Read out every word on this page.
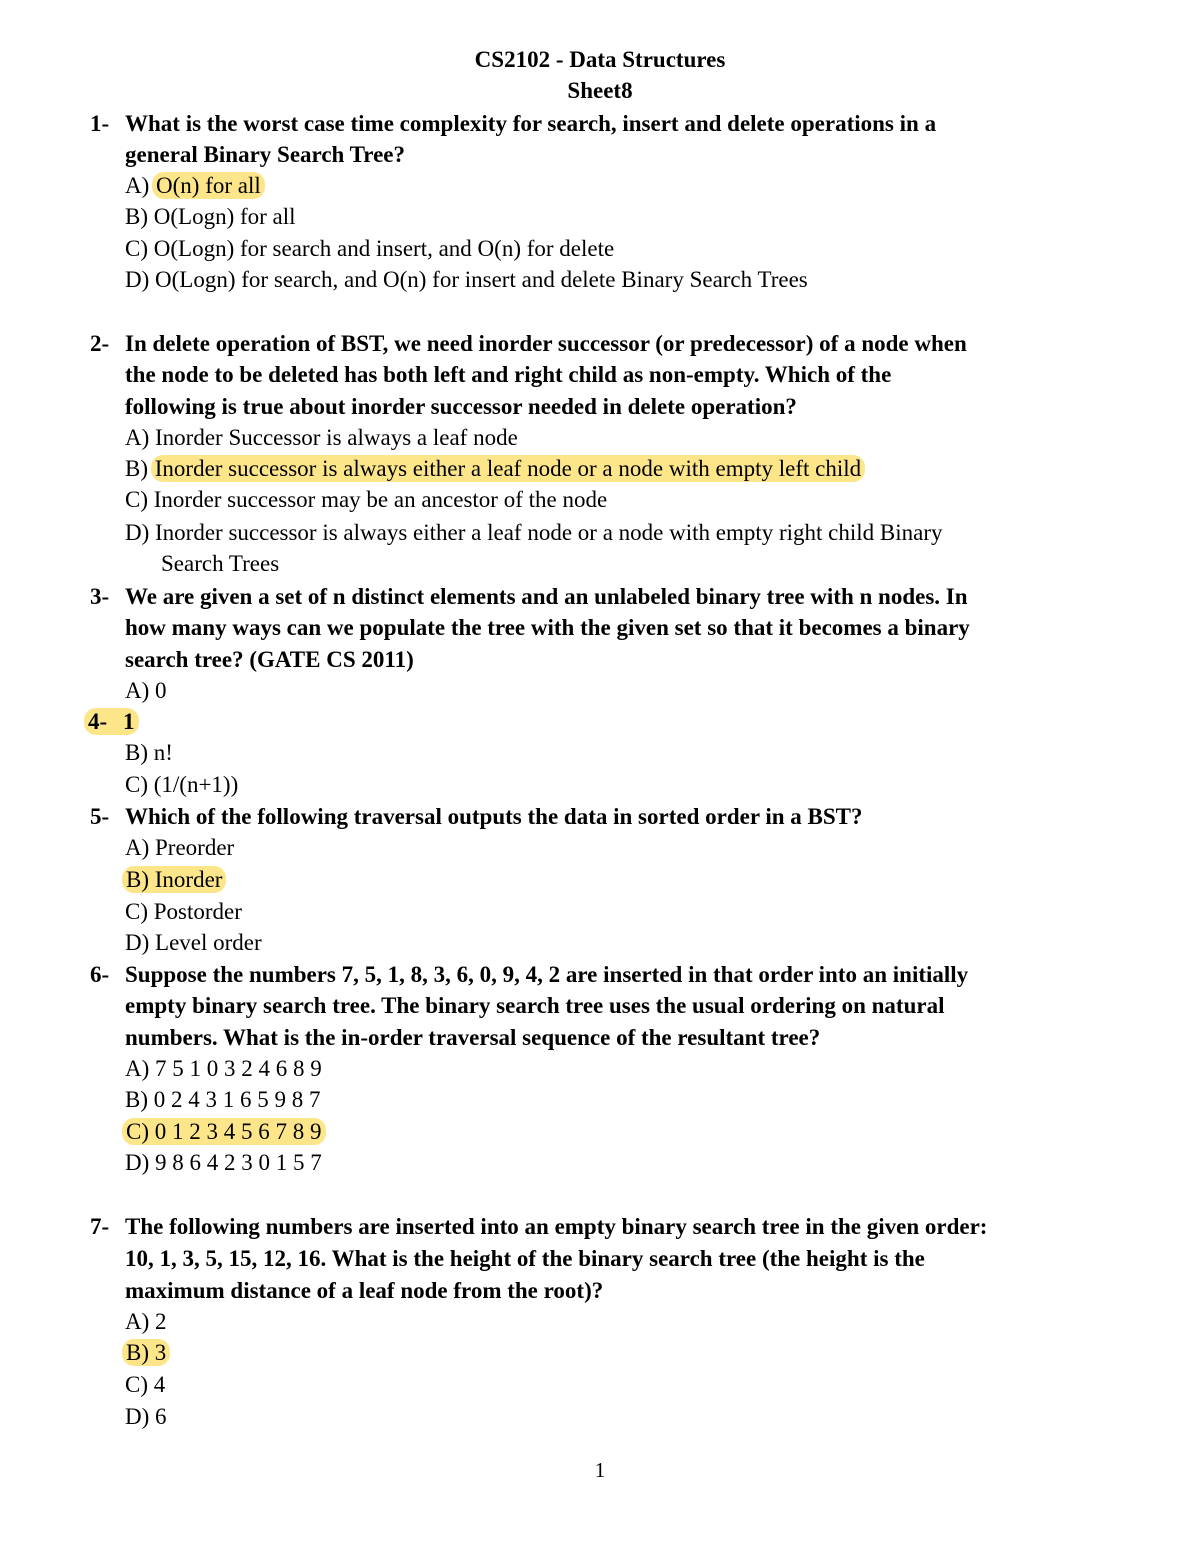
CS2102 - Data Structures
Sheet8
1- What is the worst case time complexity for search, insert and delete operations in a
general Binary Search Tree?
A) O(n) for all
B) O(Logn) for all
C) O(Logn) for search and insert, and O(n) for delete
D) O(Logn) for search, and O(n) for insert and delete Binary Search Trees
2- In delete operation of BST, we need inorder successor (or predecessor) of a node when
the node to be deleted has both left and right child as non-empty. Which of the
following is true about inorder successor needed in delete operation?
A) Inorder Successor is always a leaf node
B) Inorder successor is always either a leaf node or a node with empty left child
C) Inorder successor may be an ancestor of the node
D) Inorder successor is always either a leaf node or a node with empty right child Binary
Search Trees
3- We are given a set of n distinct elements and an unlabeled binary tree with n nodes. In
how many ways can we populate the tree with the given set so that it becomes a binary
search tree? (GATE CS 2011)
A) 0
4- 1
B) n!
C) (1/(n+1))
5- Which of the following traversal outputs the data in sorted order in a BST?
A) Preorder
B) Inorder
C) Postorder
D) Level order
6- Suppose the numbers 7, 5, 1, 8, 3, 6, 0, 9, 4, 2 are inserted in that order into an initially
empty binary search tree. The binary search tree uses the usual ordering on natural
numbers. What is the in-order traversal sequence of the resultant tree?
A) 7 5 1 0 3 2 4 6 8 9
B) 0 2 4 3 1 6 5 9 8 7
C) 0 1 2 3 4 5 6 7 8 9
D) 9 8 6 4 2 3 0 1 5 7
7- The following numbers are inserted into an empty binary search tree in the given order:
10, 1, 3, 5, 15, 12, 16. What is the height of the binary search tree (the height is the
maximum distance of a leaf node from the root)?
A) 2
B) 3
C) 4
D) 6
1
